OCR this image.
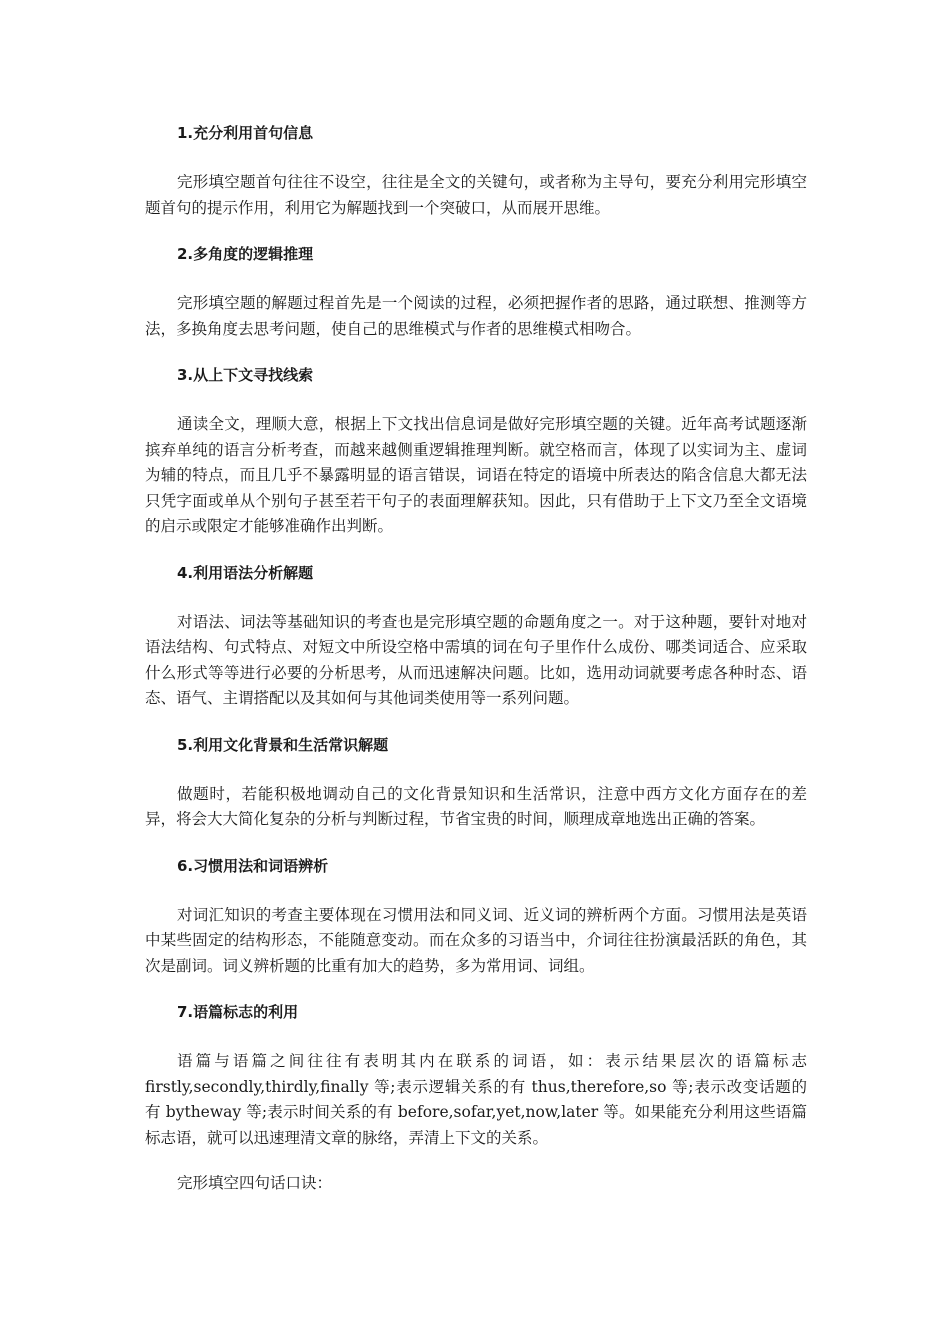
1.充分利用首句信息

完形填空题首句往往不设空，往往是全文的关键句，或者称为主导句，要充分利用完形填空题首句的提示作用，利用它为解题找到一个突破口，从而展开思维。

2.多角度的逻辑推理

完形填空题的解题过程首先是一个阅读的过程，必须把握作者的思路，通过联想、推测等方法，多换角度去思考问题，使自己的思维模式与作者的思维模式相吻合。

3.从上下文寻找线索

通读全文，理顺大意，根据上下文找出信息词是做好完形填空题的关键。近年高考试题逐渐摈弃单纯的语言分析考查，而越来越侧重逻辑推理判断。就空格而言，体现了以实词为主、虚词为辅的特点，而且几乎不暴露明显的语言错误，词语在特定的语境中所表达的陷含信息大都无法只凭字面或单从个别句子甚至若干句子的表面理解获知。因此，只有借助于上下文乃至全文语境的启示或限定才能够准确作出判断。

4.利用语法分析解题

对语法、词法等基础知识的考查也是完形填空题的命题角度之一。对于这种题，要针对地对语法结构、句式特点、对短文中所设空格中需填的词在句子里作什么成份、哪类词适合、应采取什么形式等等进行必要的分析思考，从而迅速解决问题。比如，选用动词就要考虑各种时态、语态、语气、主谓搭配以及其如何与其他词类使用等一系列问题。

5.利用文化背景和生活常识解题

做题时，若能积极地调动自己的文化背景知识和生活常识，注意中西方文化方面存在的差异，将会大大简化复杂的分析与判断过程，节省宝贵的时间，顺理成章地选出正确的答案。

6.习惯用法和词语辨析

对词汇知识的考查主要体现在习惯用法和同义词、近义词的辨析两个方面。习惯用法是英语中某些固定的结构形态，不能随意变动。而在众多的习语当中，介词往往扮演最活跃的角色，其次是副词。词义辨析题的比重有加大的趋势，多为常用词、词组。

7.语篇标志的利用

语篇与语篇之间往往有表明其内在联系的词语，如：表示结果层次的语篇标志firstly,secondly,thirdly,finally 等;表示逻辑关系的有 thus,therefore,so 等;表示改变话题的有 bytheway 等;表示时间关系的有 before,sofar,yet,now,later 等。如果能充分利用这些语篇标志语，就可以迅速理清文章的脉络，弄清上下文的关系。

完形填空四句话口诀：
